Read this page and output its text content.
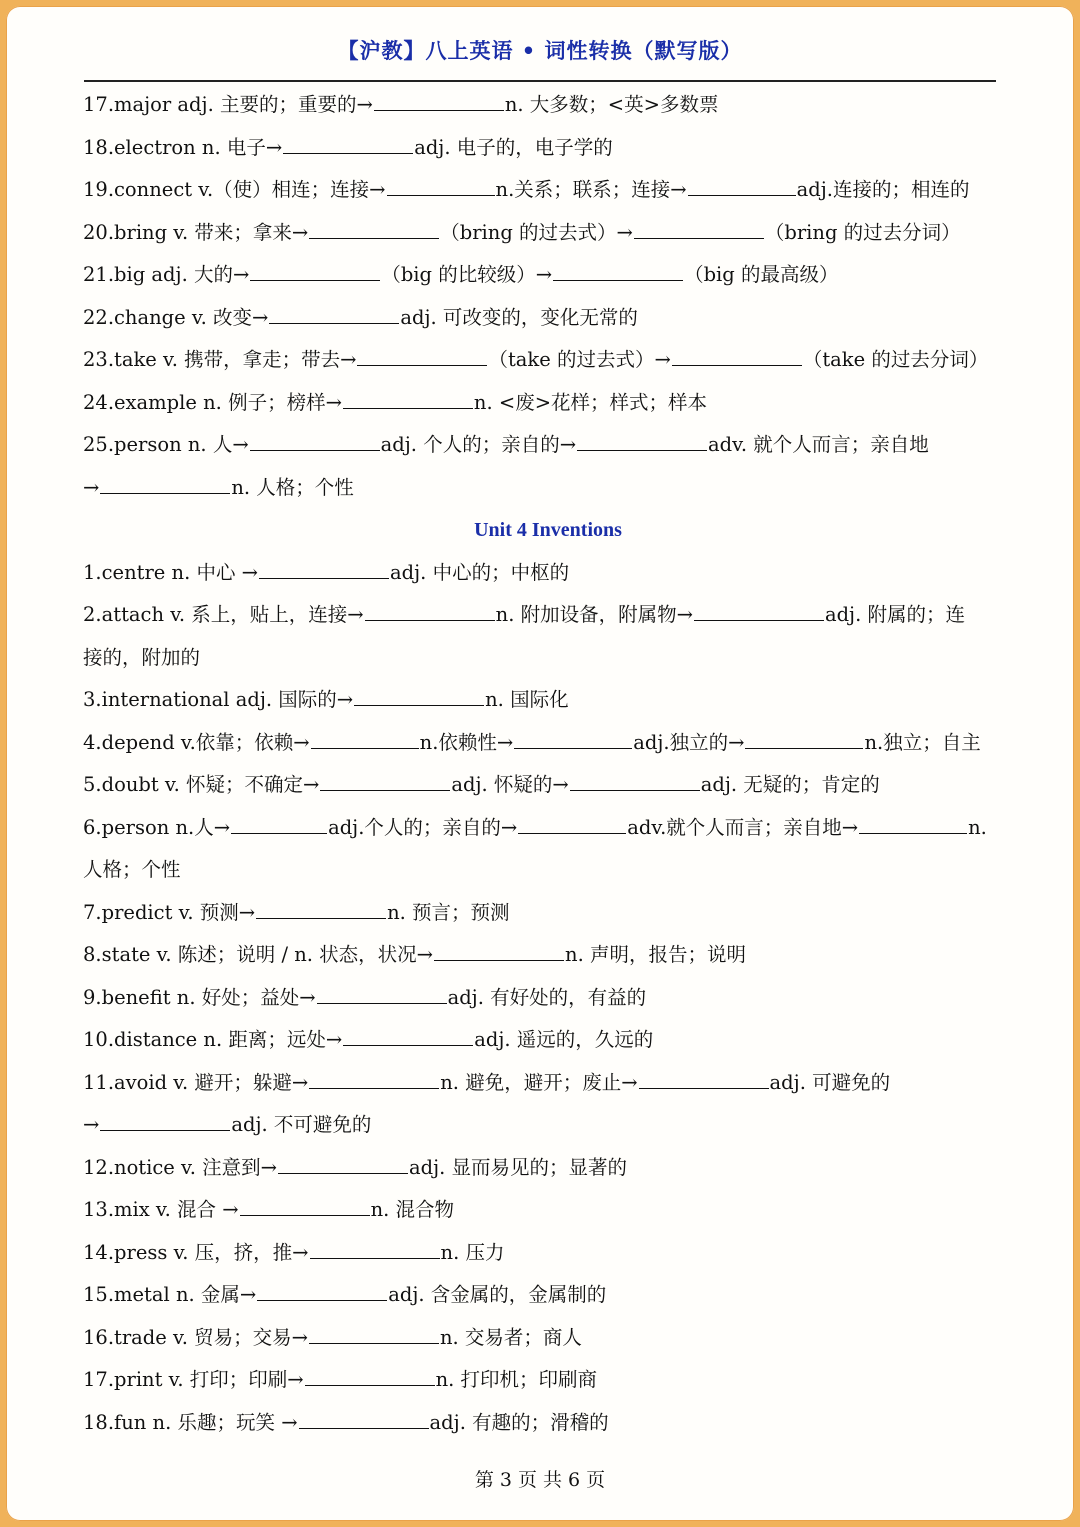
【沪教】八上英语 • 词性转换（默写版）
17.major adj. 主要的；重要的→	n. 大多数；<英>多数票
18.electron n. 电子→	adj. 电子的，电子学的
19.connect v.（使）相连；连接→	n.关系；联系；连接→	adj.连接的；相连的
20.bring v. 带来；拿来→	（bring 的过去式）→	（bring 的过去分词）
21.big adj. 大的→	（big 的比较级）→	（big 的最高级）
22.change v. 改变→	adj. 可改变的，变化无常的
23.take v. 携带，拿走；带去→	（take 的过去式）→	（take 的过去分词）
24.example n. 例子；榜样→	n. <废>花样；样式；样本
25.person n. 人→	adj. 个人的；亲自的→	adv. 就个人而言；亲自地
→	n. 人格；个性
Unit 4 Inventions
1.centre n. 中心 →	adj. 中心的；中枢的
2.attach v. 系上，贴上，连接→	n. 附加设备，附属物→	adj. 附属的；连
接的，附加的
3.international adj. 国际的→	n. 国际化
4.depend v.依靠；依赖→	n.依赖性→	adj.独立的→	n.独立；自主
5.doubt v. 怀疑；不确定→	adj. 怀疑的→	adj. 无疑的；肯定的
6.person n.人→	adj.个人的；亲自的→	adv.就个人而言；亲自地→	n.
人格；个性
7.predict v. 预测→	n. 预言；预测
8.state v. 陈述；说明 / n. 状态，状况→	n. 声明，报告；说明
9.benefit n. 好处；益处→	adj. 有好处的，有益的
10.distance n. 距离；远处→	adj. 遥远的，久远的
11.avoid v. 避开；躲避→	n. 避免，避开；废止→	adj. 可避免的
→	adj. 不可避免的
12.notice v. 注意到→	adj. 显而易见的；显著的
13.mix v. 混合 →	n. 混合物
14.press v. 压，挤，推→	n. 压力
15.metal n. 金属→	adj. 含金属的，金属制的
16.trade v. 贸易；交易→	n. 交易者；商人
17.print v. 打印；印刷→	n. 打印机；印刷商
18.fun n. 乐趣；玩笑 →	adj. 有趣的；滑稽的
第 3 页 共 6 页
